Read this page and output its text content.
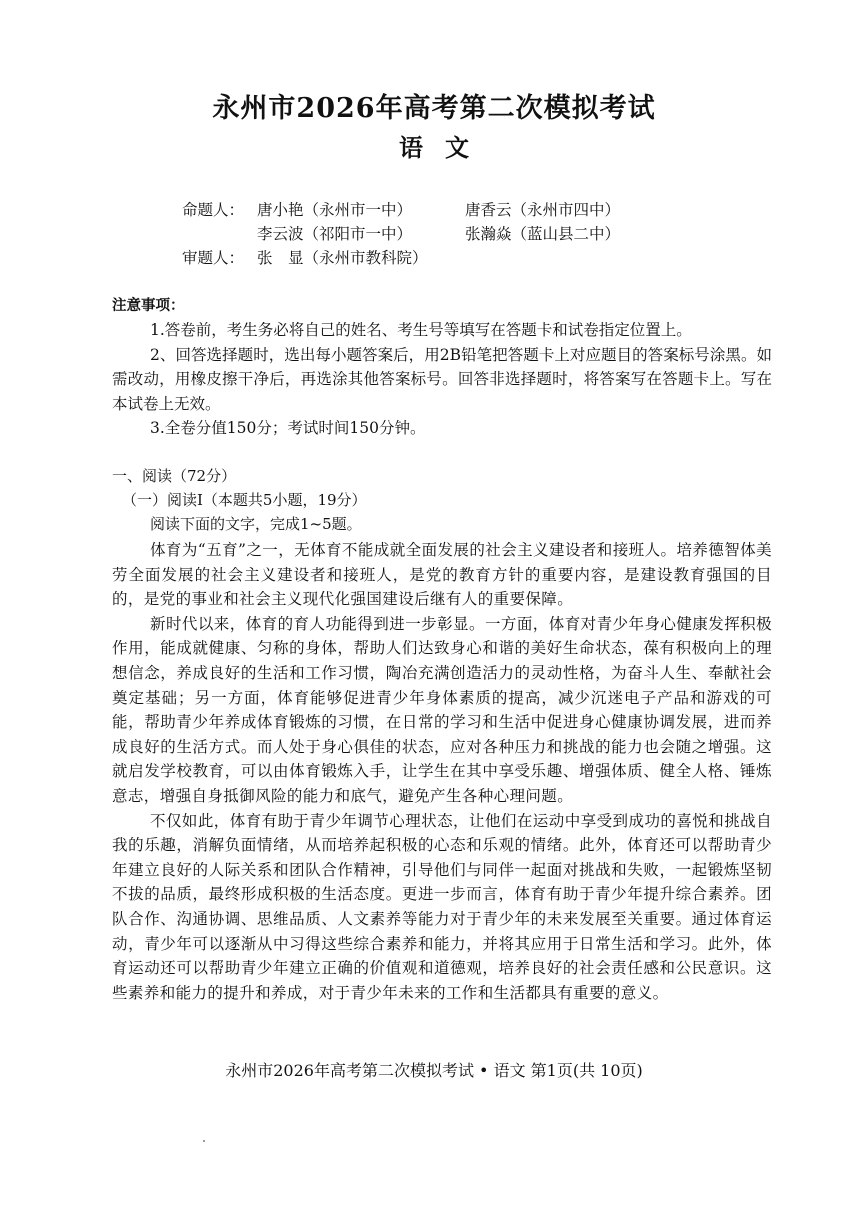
永州市2026年高考第二次模拟考试
语文
命题人： 唐小艳（永州市一中）	唐香云（永州市四中）
李云波（祁阳市一中）	张瀚焱（蓝山县二中）
审题人： 张　显（永州市教科院）
注意事项：

1.答卷前，考生务必将自己的姓名、考生号等填写在答题卡和试卷指定位置上。

2、回答选择题时，选出每小题答案后，用2B铅笔把答题卡上对应题目的答案标号涂黑。如需改动，用橡皮擦干净后，再选涂其他答案标号。回答非选择题时，将答案写在答题卡上。写在本试卷上无效。

3.全卷分值150分；考试时间150分钟。

一、阅读（72分）
（一）阅读Ⅰ（本题共5小题，19分）
阅读下面的文字，完成1~5题。

体育为“五育”之一，无体育不能成就全面发展的社会主义建设者和接班人。培养德智体美劳全面发展的社会主义建设者和接班人，是党的教育方针的重要内容，是建设教育强国的目的，是党的事业和社会主义现代化强国建设后继有人的重要保障。

新时代以来，体育的育人功能得到进一步彰显。一方面，体育对青少年身心健康发挥积极作用，能成就健康、匀称的身体，帮助人们达致身心和谐的美好生命状态，葆有积极向上的理想信念，养成良好的生活和工作习惯，陶冶充满创造活力的灵动性格，为奋斗人生、奉献社会奠定基础；另一方面，体育能够促进青少年身体素质的提高，减少沉迷电子产品和游戏的可能，帮助青少年养成体育锻炼的习惯，在日常的学习和生活中促进身心健康协调发展，进而养成良好的生活方式。而人处于身心俱佳的状态，应对各种压力和挑战的能力也会随之增强。这就启发学校教育，可以由体育锻炼入手，让学生在其中享受乐趣、增强体质、健全人格、锤炼意志，增强自身抵御风险的能力和底气，避免产生各种心理问题。

不仅如此，体育有助于青少年调节心理状态，让他们在运动中享受到成功的喜悦和挑战自我的乐趣，消解负面情绪，从而培养起积极的心态和乐观的情绪。此外，体育还可以帮助青少年建立良好的人际关系和团队合作精神，引导他们与同伴一起面对挑战和失败，一起锻炼坚韧不拔的品质，最终形成积极的生活态度。更进一步而言，体育有助于青少年提升综合素养。团队合作、沟通协调、思维品质、人文素养等能力对于青少年的未来发展至关重要。通过体育运动，青少年可以逐渐从中习得这些综合素养和能力，并将其应用于日常生活和学习。此外，体育运动还可以帮助青少年建立正确的价值观和道德观，培养良好的社会责任感和公民意识。这些素养和能力的提升和养成，对于青少年未来的工作和生活都具有重要的意义。

永州市2026年高考第二次模拟考试 • 语文 第1页(共 10页)
